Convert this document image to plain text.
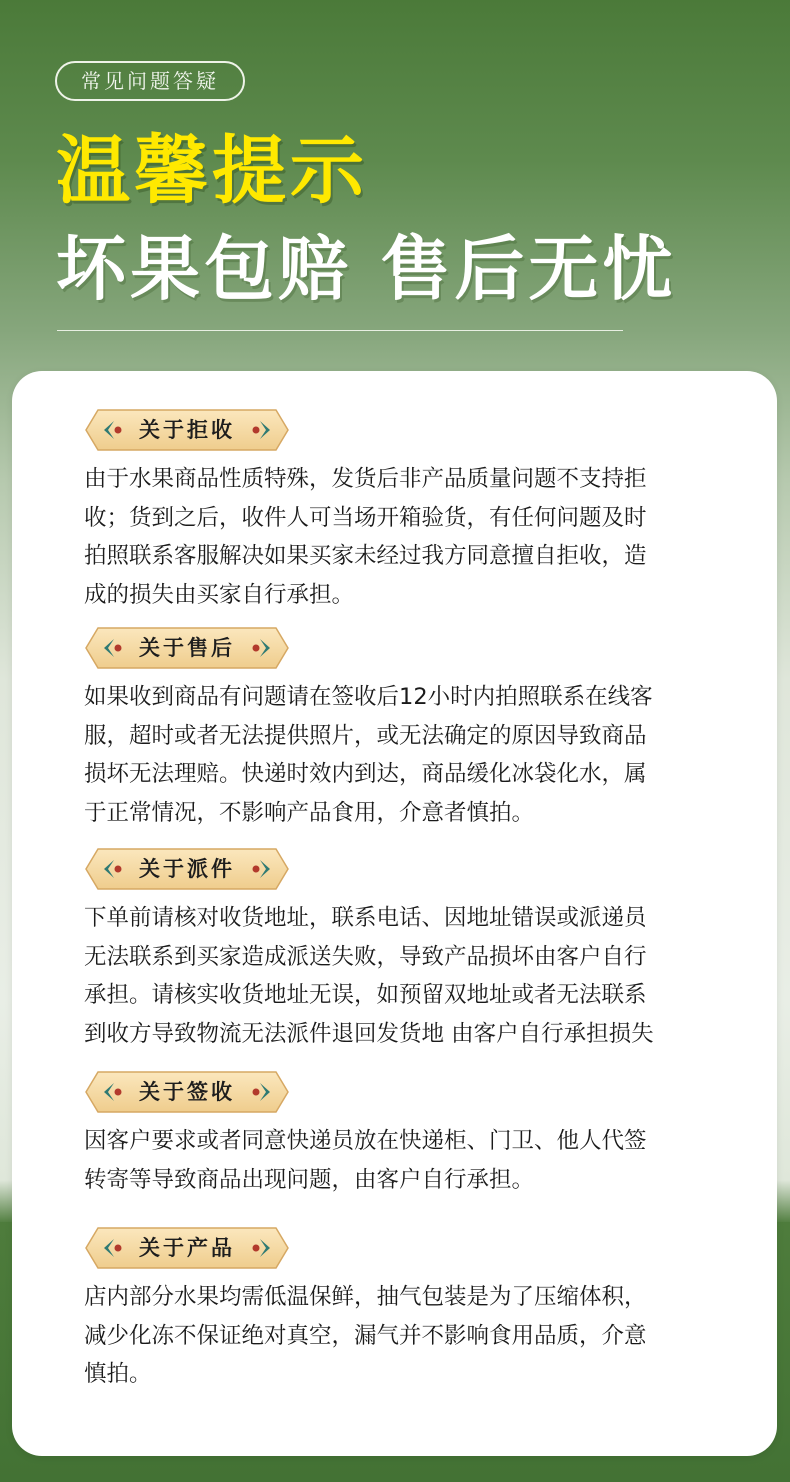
常见问题答疑
温馨提示
坏果包赔 售后无忧
关于拒收
由于水果商品性质特殊，发货后非产品质量问题不支持拒
收；货到之后，收件人可当场开箱验货，有任何问题及时
拍照联系客服解决如果买家未经过我方同意擅自拒收，造
成的损失由买家自行承担。
关于售后
如果收到商品有问题请在签收后12小时内拍照联系在线客
服，超时或者无法提供照片，或无法确定的原因导致商品
损坏无法理赔。快递时效内到达，商品缓化冰袋化水，属
于正常情况，不影响产品食用，介意者慎拍。
关于派件
下单前请核对收货地址，联系电话、因地址错误或派递员
无法联系到买家造成派送失败，导致产品损坏由客户自行
承担。请核实收货地址无误，如预留双地址或者无法联系
到收方导致物流无法派件退回发货地 由客户自行承担损失
关于签收
因客户要求或者同意快递员放在快递柜、门卫、他人代签
转寄等导致商品出现问题，由客户自行承担。
关于产品
店内部分水果均需低温保鲜，抽气包装是为了压缩体积，
减少化冻不保证绝对真空，漏气并不影响食用品质，介意
慎拍。
